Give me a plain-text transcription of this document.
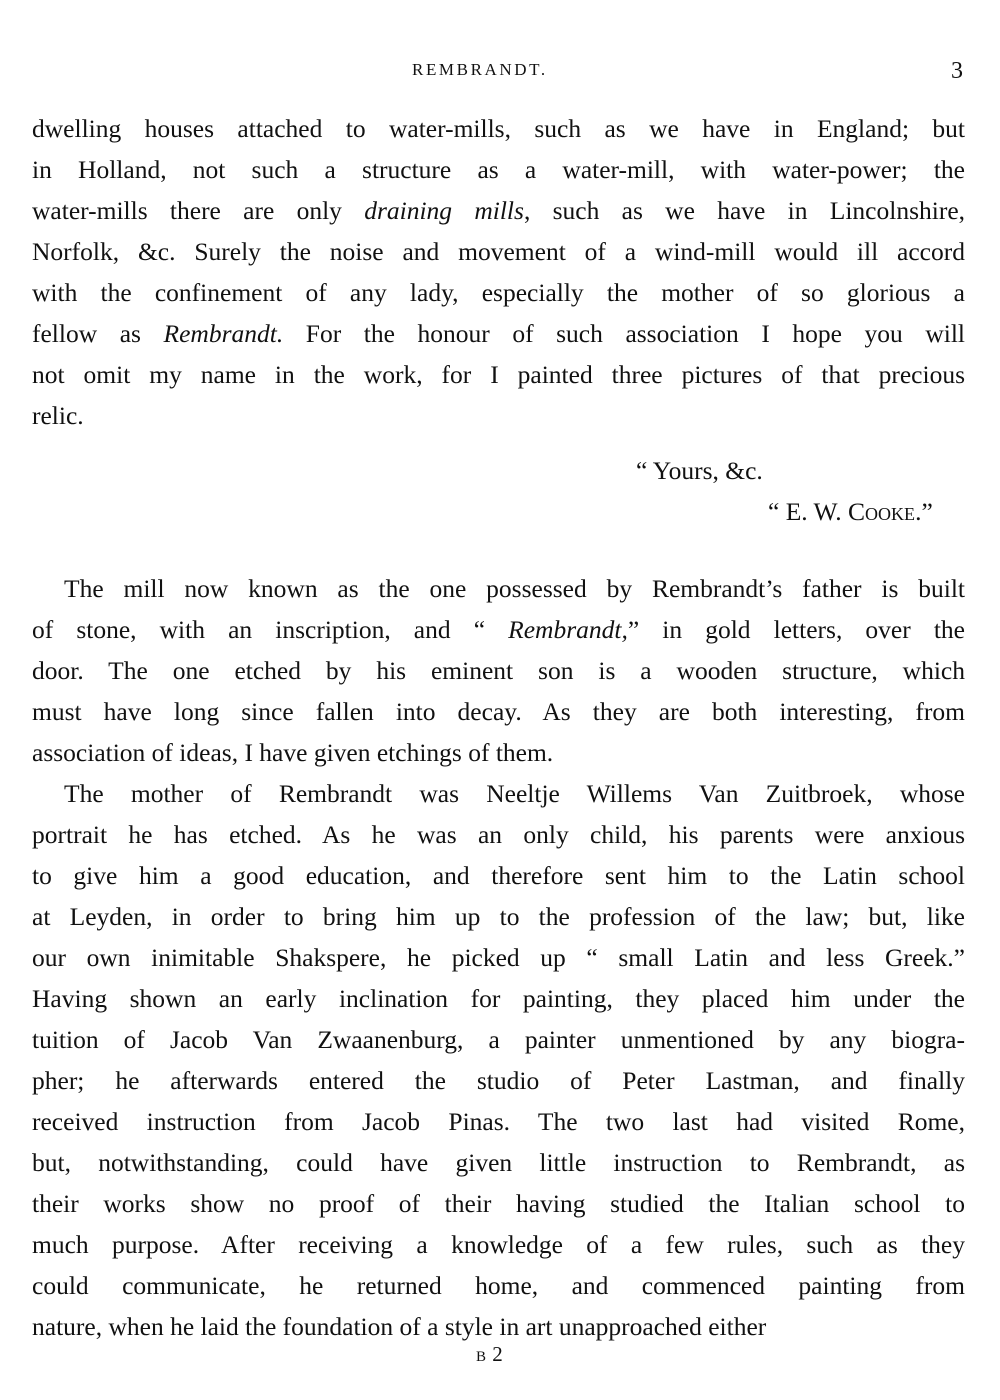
REMBRANDT.	3
dwelling houses attached to water-mills, such as we have in England; but
in Holland, not such a structure as a water-mill, with water-power; the
water-mills there are only draining mills, such as we have in Lincolnshire,
Norfolk, &c. Surely the noise and movement of a wind-mill would ill accord
with the confinement of any lady, especially the mother of so glorious a
fellow as Rembrandt. For the honour of such association I hope you will
not omit my name in the work, for I painted three pictures of that precious
relic.
“ Yours, &c.
“ E. W. Cooke.”
The mill now known as the one possessed by Rembrandt’s father is built
of stone, with an inscription, and “ Rembrandt,” in gold letters, over the
door. The one etched by his eminent son is a wooden structure, which
must have long since fallen into decay. As they are both interesting, from
association of ideas, I have given etchings of them.
The mother of Rembrandt was Neeltje Willems Van Zuitbroek, whose
portrait he has etched. As he was an only child, his parents were anxious
to give him a good education, and therefore sent him to the Latin school
at Leyden, in order to bring him up to the profession of the law; but, like
our own inimitable Shakspere, he picked up “ small Latin and less Greek.”
Having shown an early inclination for painting, they placed him under the
tuition of Jacob Van Zwaanenburg, a painter unmentioned by any biogra-
pher; he afterwards entered the studio of Peter Lastman, and finally
received instruction from Jacob Pinas. The two last had visited Rome,
but, notwithstanding, could have given little instruction to Rembrandt, as
their works show no proof of their having studied the Italian school to
much purpose. After receiving a knowledge of a few rules, such as they
could communicate, he returned home, and commenced painting from
nature, when he laid the foundation of a style in art unapproached either
B 2
